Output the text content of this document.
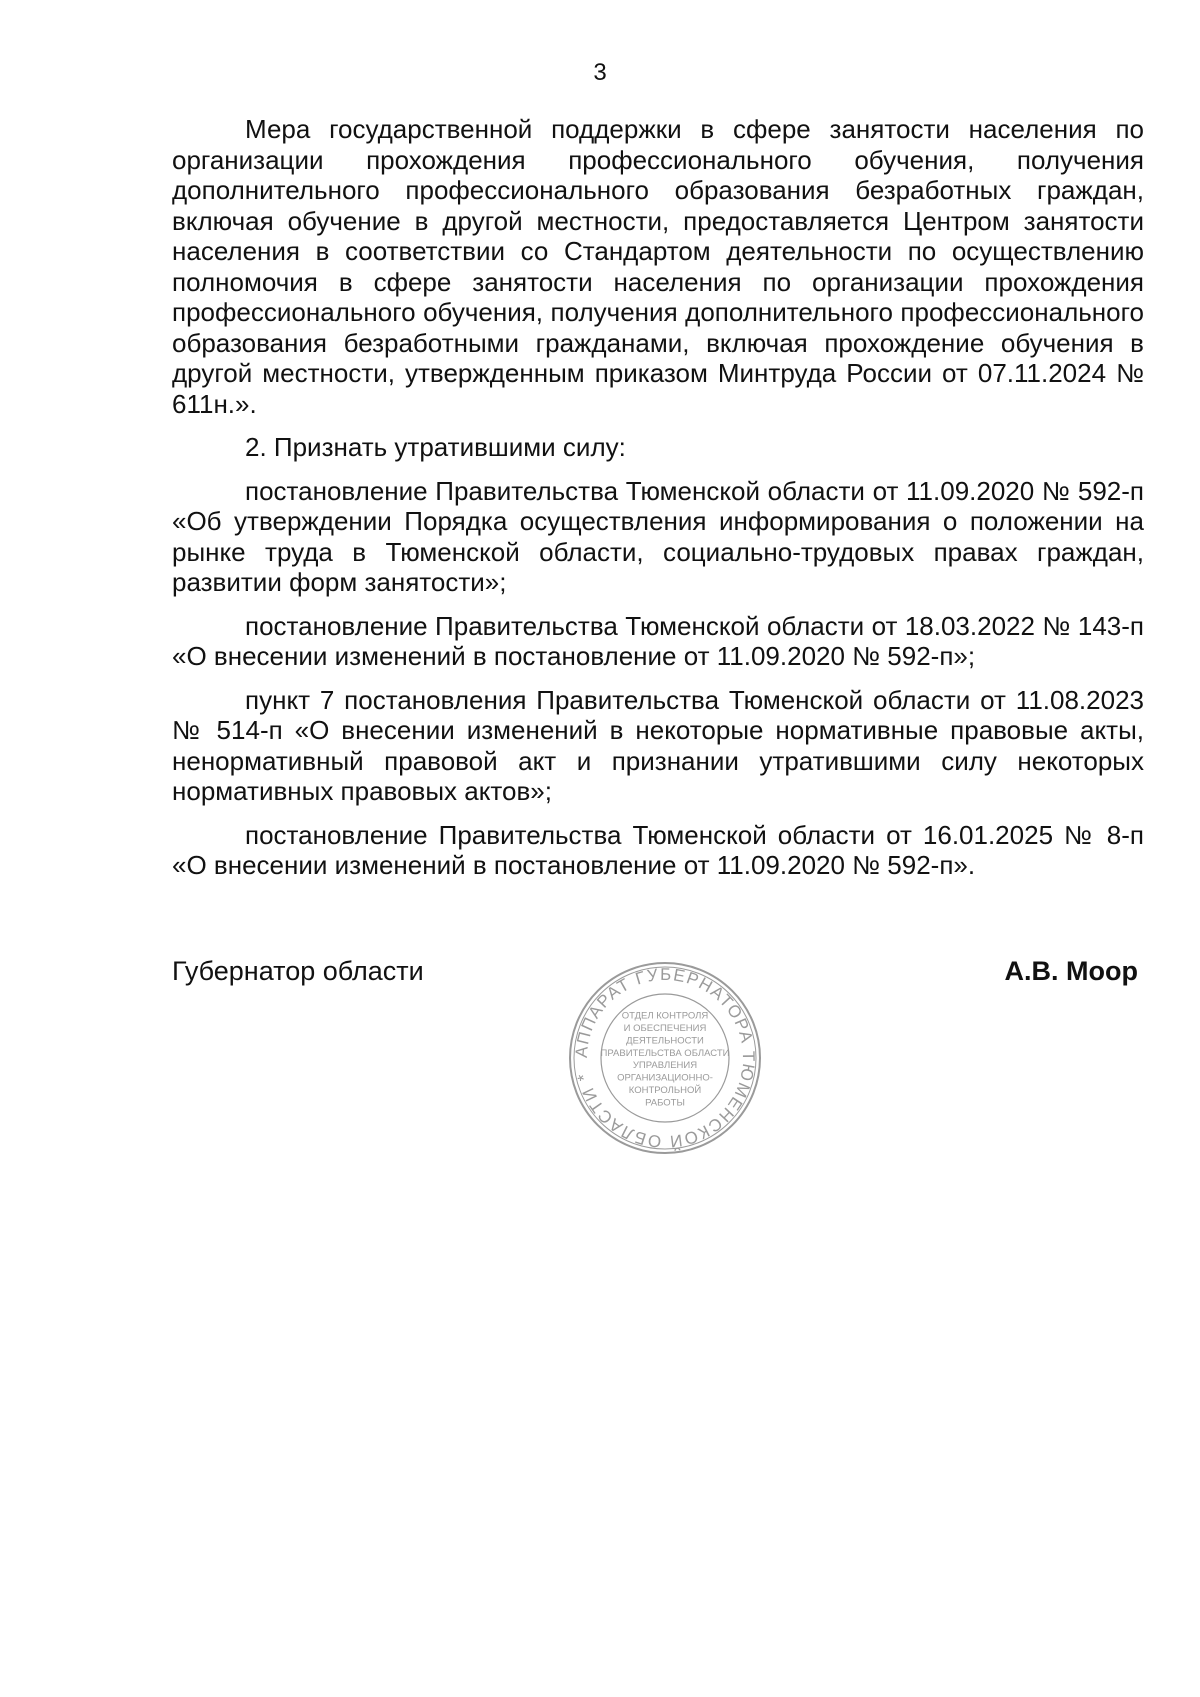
3

Мера государственной поддержки в сфере занятости населения по организации прохождения профессионального обучения, получения дополнительного профессионального образования безработных граждан, включая обучение в другой местности, предоставляется Центром занятости населения в соответствии со Стандартом деятельности по осуществлению полномочия в сфере занятости населения по организации прохождения профессионального обучения, получения дополнительного профессионального образования безработными гражданами, включая прохождение обучения в другой местности, утвержденным приказом Минтруда России от 07.11.2024 № 611н.».

2. Признать утратившими силу:

постановление Правительства Тюменской области от 11.09.2020 № 592-п «Об утверждении Порядка осуществления информирования о положении на рынке труда в Тюменской области, социально-трудовых правах граждан, развитии форм занятости»;

постановление Правительства Тюменской области от 18.03.2022 № 143-п «О внесении изменений в постановление от 11.09.2020 № 592-п»;

пункт 7 постановления Правительства Тюменской области от 11.08.2023 № 514-п «О внесении изменений в некоторые нормативные правовые акты, ненормативный правовой акт и признании утратившими силу некоторых нормативных правовых актов»;

постановление Правительства Тюменской области от 16.01.2025 № 8-п «О внесении изменений в постановление от 11.09.2020 № 592-п».

Губернатор области	А.В. Моор
АППАРАТ ГУБЕРНАТОРА ТЮМЕНСКОЙ ОБЛАСТИ *
ОТДЕЛ КОНТРОЛЯ
И ОБЕСПЕЧЕНИЯ
ДЕЯТЕЛЬНОСТИ
ПРАВИТЕЛЬСТВА ОБЛАСТИ
УПРАВЛЕНИЯ
ОРГАНИЗАЦИОННО-
КОНТРОЛЬНОЙ
РАБОТЫ
